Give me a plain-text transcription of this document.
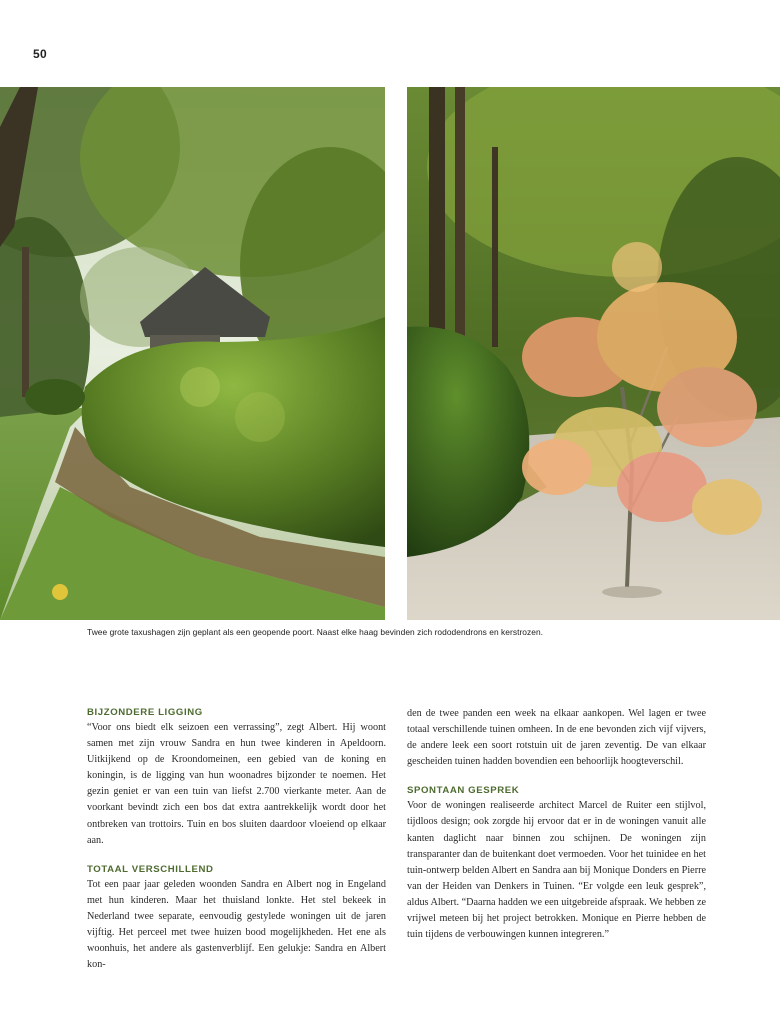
50
Twee grote taxushagen zijn geplant als een geopende poort. Naast elke haag bevinden zich rododendrons en kerstrozen.
BIJZONDERE LIGGING

“Voor ons biedt elk seizoen een verrassing”, zegt Albert. Hij woont samen met zijn vrouw Sandra en hun twee kinderen in Apeldoorn. Uitkijkend op de Kroondomeinen, een gebied van de koning en koningin, is de ligging van hun woonadres bijzonder te noemen. Het gezin geniet er van een tuin van liefst 2.700 vierkante meter. Aan de voorkant bevindt zich een bos dat extra aantrekkelijk wordt door het ontbreken van trottoirs. Tuin en bos sluiten daardoor vloeiend op elkaar aan.

TOTAAL VERSCHILLEND

Tot een paar jaar geleden woonden Sandra en Albert nog in Engeland met hun kinderen. Maar het thuisland lonkte. Het stel bekeek in Nederland twee separate, eenvoudig gestylede woningen uit de jaren vijftig. Het perceel met twee huizen bood mogelijkheden. Het ene als woonhuis, het andere als gastenverblijf. Een gelukje: Sandra en Albert kon-

den de twee panden een week na elkaar aankopen. Wel lagen er twee totaal verschillende tuinen omheen. In de ene bevonden zich vijf vijvers, de andere leek een soort rotstuin uit de jaren zeventig. De van elkaar gescheiden tuinen hadden bovendien een behoorlijk hoogteverschil.

SPONTAAN GESPREK

Voor de woningen realiseerde architect Marcel de Ruiter een stijlvol, tijdloos design; ook zorgde hij ervoor dat er in de woningen vanuit alle kanten daglicht naar binnen zou schijnen. De woningen zijn transparanter dan de buitenkant doet vermoeden. Voor het tuinidee en het tuin-ontwerp belden Albert en Sandra aan bij Monique Donders en Pierre van der Heiden van Denkers in Tuinen. “Er volgde een leuk gesprek”, aldus Albert. “Daarna hadden we een uitgebreide afspraak. We hebben ze vrijwel meteen bij het project betrokken. Monique en Pierre hebben de tuin tijdens de verbouwingen kunnen integreren.”
